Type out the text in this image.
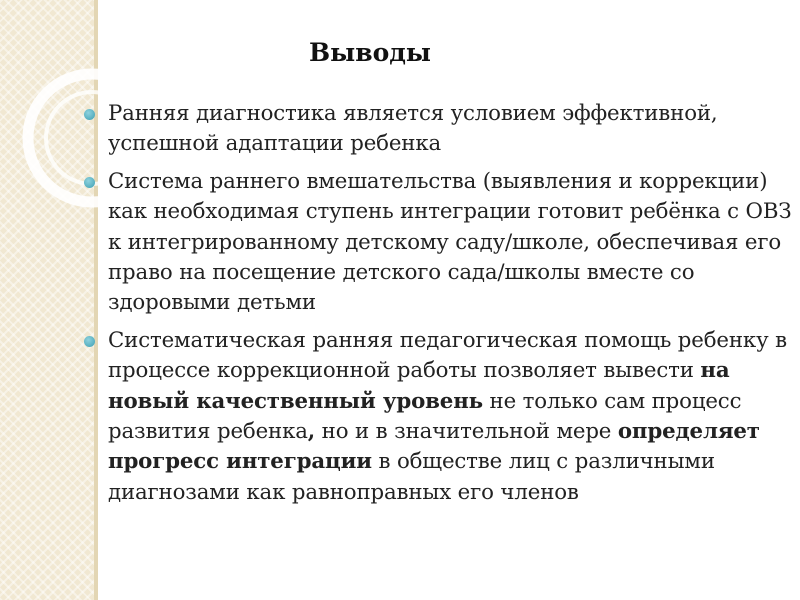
Выводы
Ранняя диагностика является условием эффективной, успешной адаптации ребенка
Система раннего вмешательства (выявления и коррекции) как необходимая ступень интеграции готовит ребёнка с ОВЗ к интегрированному детскому саду/школе, обеспечивая его право на посещение детского сада/школы вместе со здоровыми детьми
Систематическая ранняя педагогическая помощь ребенку в процессе коррекционной работы позволяет вывести на новый качественный уровень не только сам процесс развития ребенка, но и в значительной мере определяет прогресс интеграции в обществе лиц с различными диагнозами как равноправных его членов
